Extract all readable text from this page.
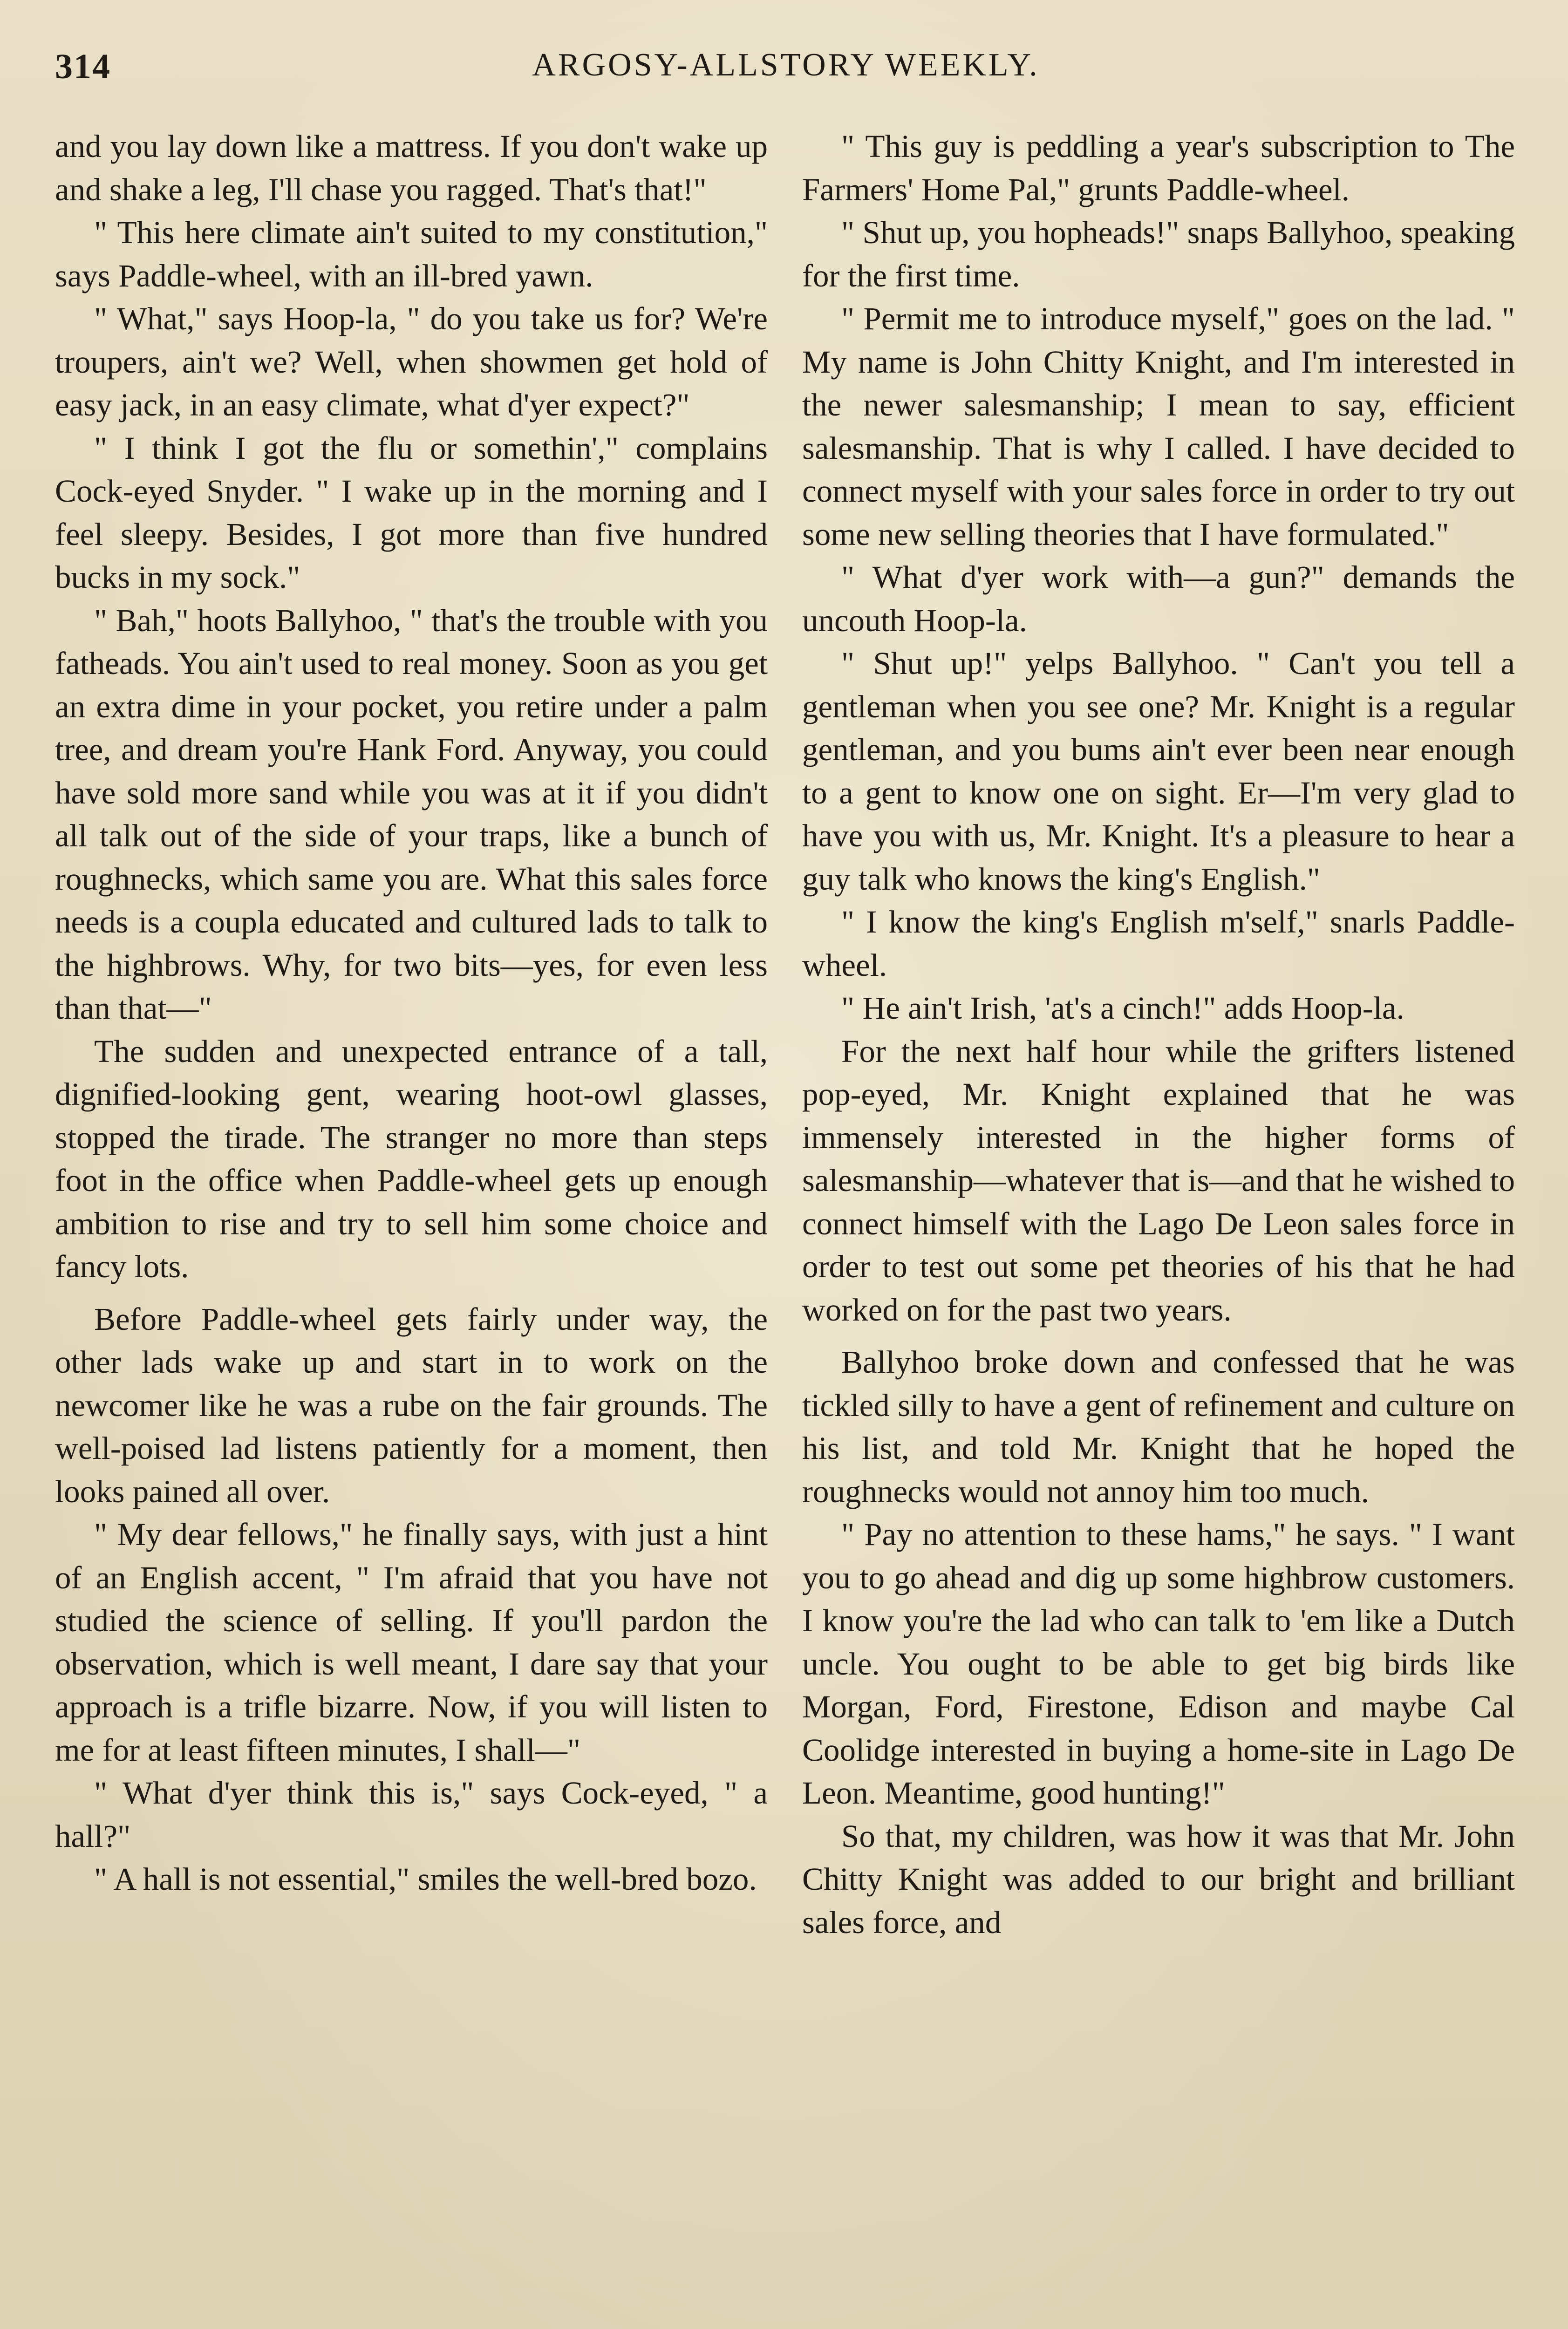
314	ARGOSY-ALLSTORY WEEKLY.

and you lay down like a mattress. If you don't wake up and shake a leg, I'll chase you ragged. That's that!"

" This here climate ain't suited to my constitution," says Paddle-wheel, with an ill-bred yawn.

" What," says Hoop-la, " do you take us for? We're troupers, ain't we? Well, when showmen get hold of easy jack, in an easy climate, what d'yer expect?"

" I think I got the flu or somethin'," complains Cock-eyed Snyder. " I wake up in the morning and I feel sleepy. Besides, I got more than five hundred bucks in my sock."

" Bah," hoots Ballyhoo, " that's the trouble with you fatheads. You ain't used to real money. Soon as you get an extra dime in your pocket, you retire under a palm tree, and dream you're Hank Ford. Anyway, you could have sold more sand while you was at it if you didn't all talk out of the side of your traps, like a bunch of roughnecks, which same you are. What this sales force needs is a coupla educated and cultured lads to talk to the highbrows. Why, for two bits—yes, for even less than that—"

The sudden and unexpected entrance of a tall, dignified-looking gent, wearing hoot-owl glasses, stopped the tirade. The stranger no more than steps foot in the office when Paddle-wheel gets up enough ambition to rise and try to sell him some choice and fancy lots.

Before Paddle-wheel gets fairly under way, the other lads wake up and start in to work on the newcomer like he was a rube on the fair grounds. The well-poised lad listens patiently for a moment, then looks pained all over.

" My dear fellows," he finally says, with just a hint of an English accent, " I'm afraid that you have not studied the science of selling. If you'll pardon the observation, which is well meant, I dare say that your approach is a trifle bizarre. Now, if you will listen to me for at least fifteen minutes, I shall—"

" What d'yer think this is," says Cock-eyed, " a hall?"

" A hall is not essential," smiles the well-bred bozo.

" This guy is peddling a year's subscription to The Farmers' Home Pal," grunts Paddle-wheel.

" Shut up, you hopheads!" snaps Ballyhoo, speaking for the first time.

" Permit me to introduce myself," goes on the lad. " My name is John Chitty Knight, and I'm interested in the newer salesmanship; I mean to say, efficient salesmanship. That is why I called. I have decided to connect myself with your sales force in order to try out some new selling theories that I have formulated."

" What d'yer work with—a gun?" demands the uncouth Hoop-la.

" Shut up!" yelps Ballyhoo. " Can't you tell a gentleman when you see one? Mr. Knight is a regular gentleman, and you bums ain't ever been near enough to a gent to know one on sight. Er—I'm very glad to have you with us, Mr. Knight. It's a pleasure to hear a guy talk who knows the king's English."

" I know the king's English m'self," snarls Paddle-wheel.

" He ain't Irish, 'at's a cinch!" adds Hoop-la.

For the next half hour while the grifters listened pop-eyed, Mr. Knight explained that he was immensely interested in the higher forms of salesmanship—whatever that is—and that he wished to connect himself with the Lago De Leon sales force in order to test out some pet theories of his that he had worked on for the past two years.

Ballyhoo broke down and confessed that he was tickled silly to have a gent of refinement and culture on his list, and told Mr. Knight that he hoped the roughnecks would not annoy him too much.

" Pay no attention to these hams," he says. " I want you to go ahead and dig up some highbrow customers. I know you're the lad who can talk to 'em like a Dutch uncle. You ought to be able to get big birds like Morgan, Ford, Firestone, Edison and maybe Cal Coolidge interested in buying a home-site in Lago De Leon. Meantime, good hunting!"

So that, my children, was how it was that Mr. John Chitty Knight was added to our bright and brilliant sales force, and
